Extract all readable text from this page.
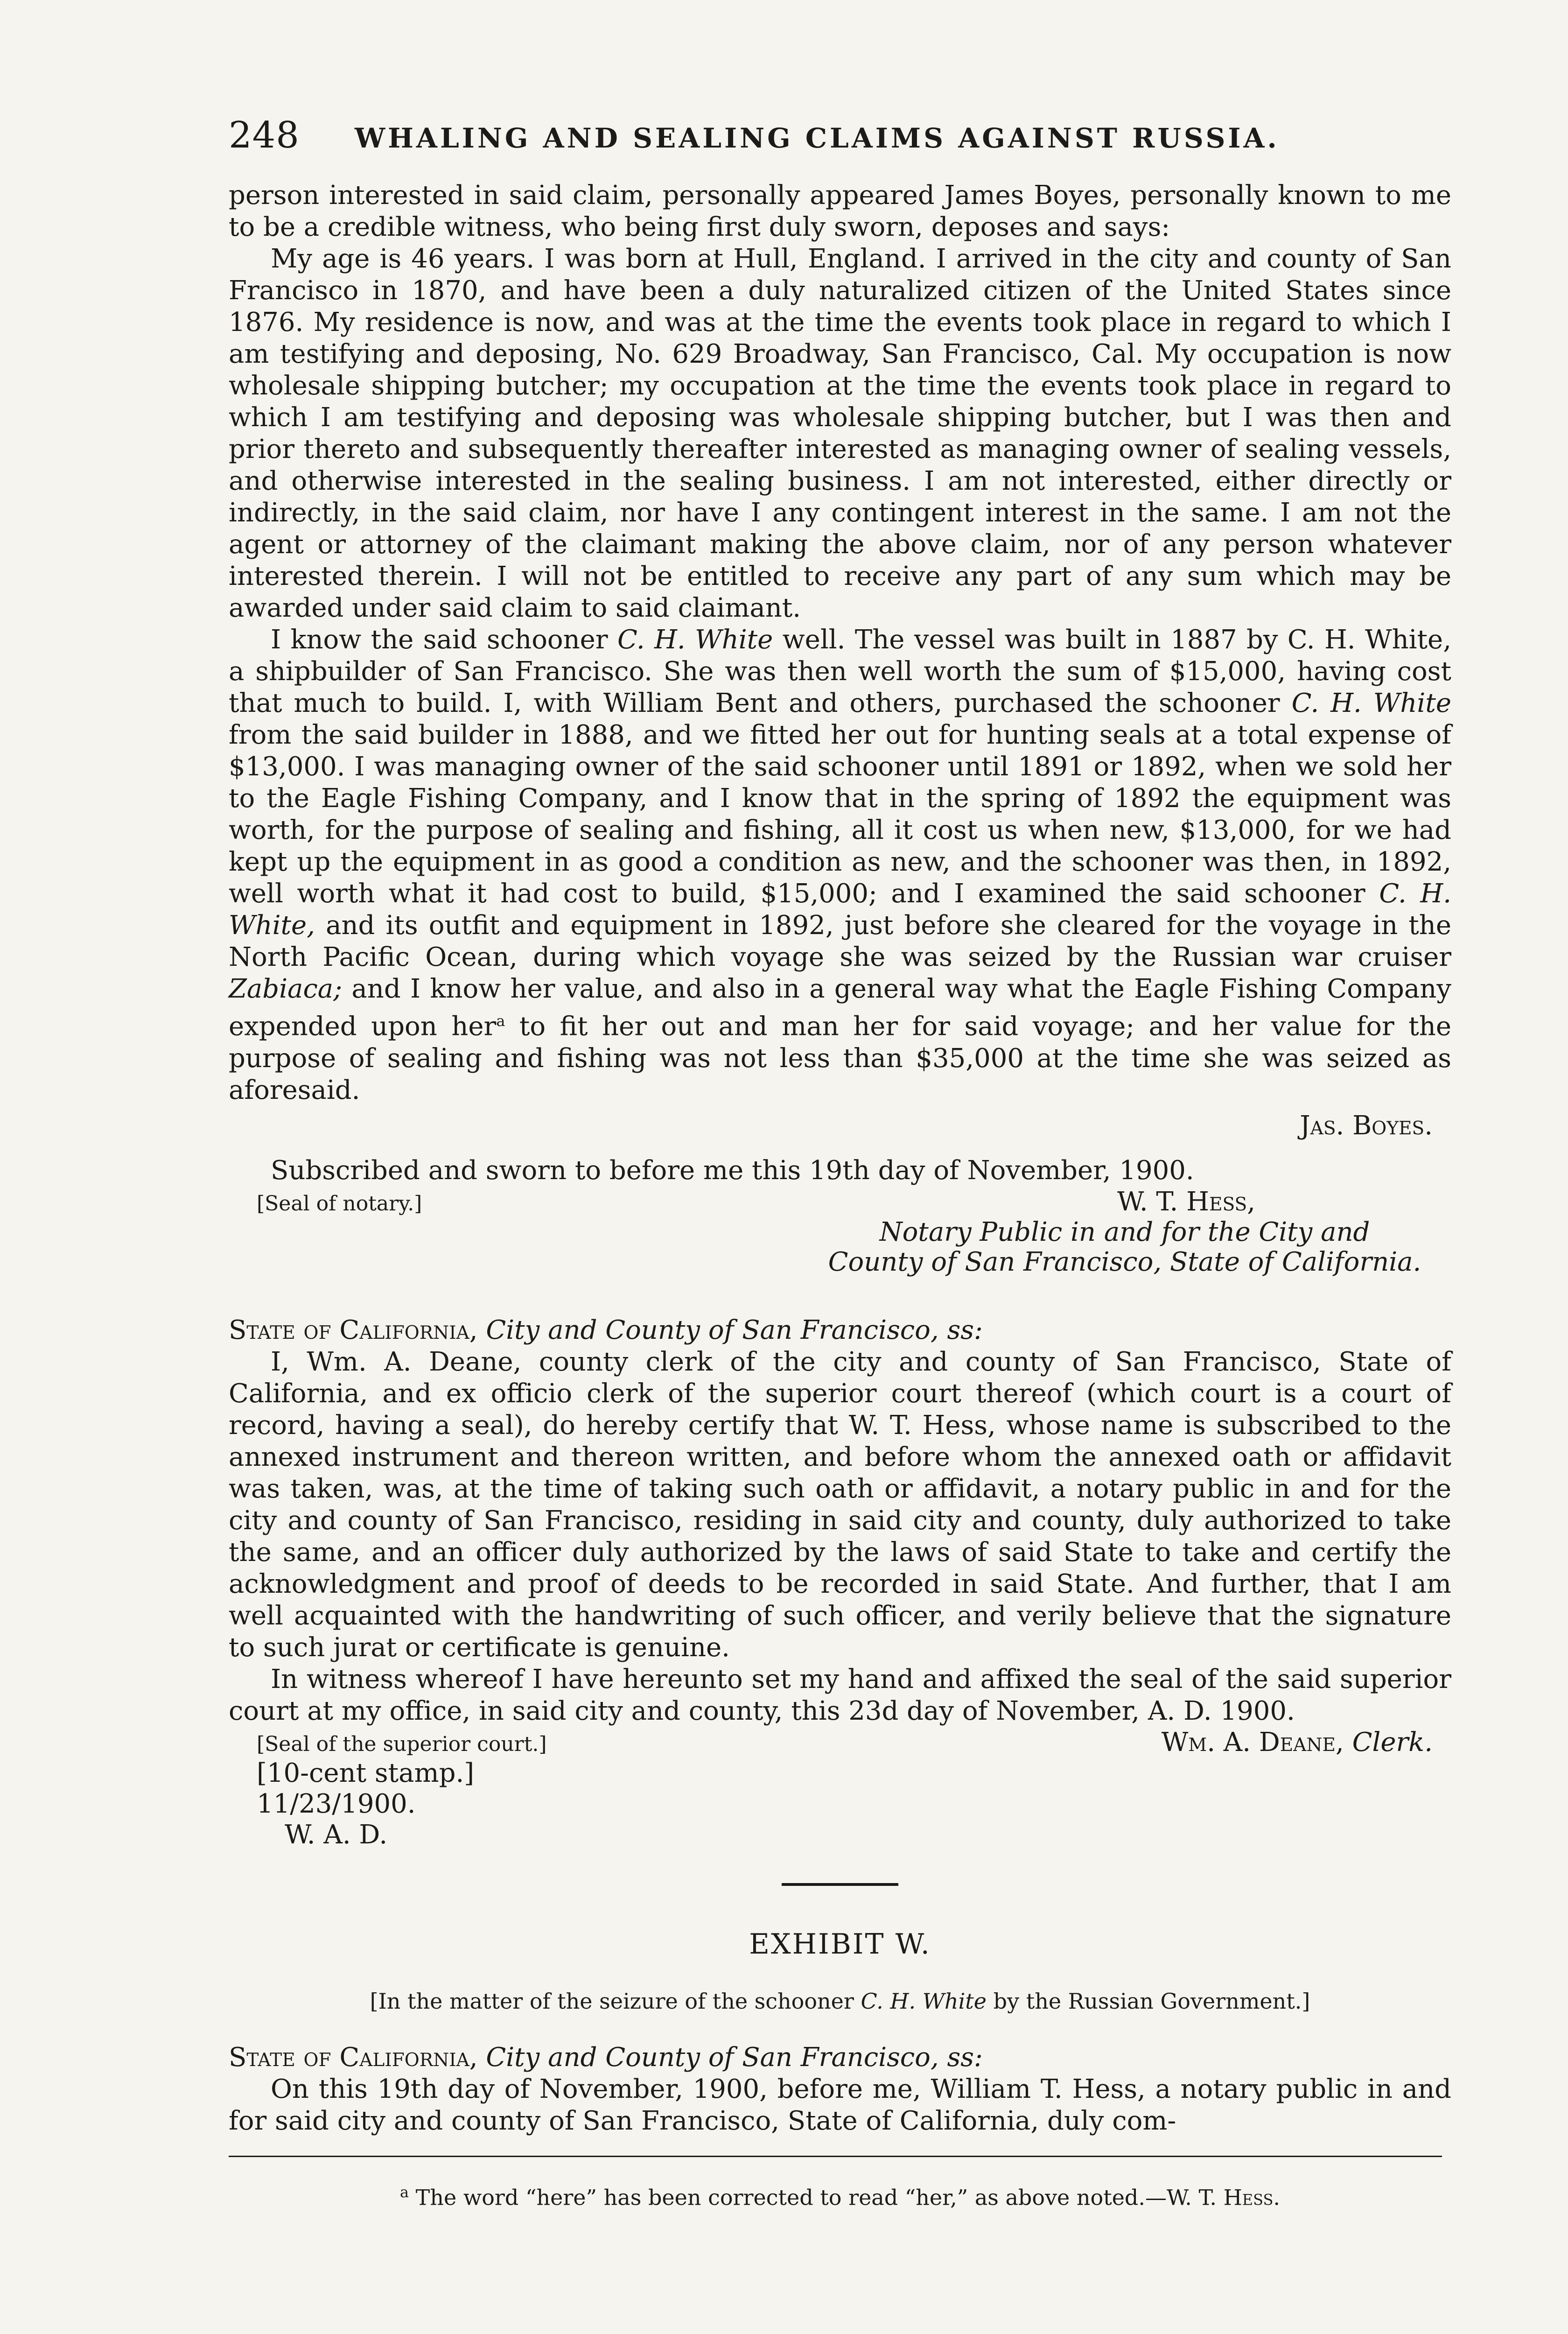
248	WHALING AND SEALING CLAIMS AGAINST RUSSIA.

person interested in said claim, personally appeared James Boyes, personally known to me to be a credible witness, who being first duly sworn, deposes and says:

My age is 46 years. I was born at Hull, England. I arrived in the city and county of San Francisco in 1870, and have been a duly naturalized citizen of the United States since 1876. My residence is now, and was at the time the events took place in regard to which I am testifying and deposing, No. 629 Broadway, San Francisco, Cal. My occupation is now wholesale shipping butcher; my occupation at the time the events took place in regard to which I am testifying and deposing was wholesale shipping butcher, but I was then and prior thereto and subsequently thereafter interested as managing owner of sealing vessels, and otherwise interested in the sealing business. I am not interested, either directly or indirectly, in the said claim, nor have I any contingent interest in the same. I am not the agent or attorney of the claimant making the above claim, nor of any person whatever interested therein. I will not be entitled to receive any part of any sum which may be awarded under said claim to said claimant.

I know the said schooner C. H. White well. The vessel was built in 1887 by C. H. White, a shipbuilder of San Francisco. She was then well worth the sum of $15,000, having cost that much to build. I, with William Bent and others, purchased the schooner C. H. White from the said builder in 1888, and we fitted her out for hunting seals at a total expense of $13,000. I was managing owner of the said schooner until 1891 or 1892, when we sold her to the Eagle Fishing Company, and I know that in the spring of 1892 the equipment was worth, for the purpose of sealing and fishing, all it cost us when new, $13,000, for we had kept up the equipment in as good a condition as new, and the schooner was then, in 1892, well worth what it had cost to build, $15,000; and I examined the said schooner C. H. White, and its outfit and equipment in 1892, just before she cleared for the voyage in the North Pacific Ocean, during which voyage she was seized by the Russian war cruiser Zabiaca; and I know her value, and also in a general way what the Eagle Fishing Company expended upon her$^a$ to fit her out and man her for said voyage; and her value for the purpose of sealing and fishing was not less than $35,000 at the time she was seized as aforesaid.

Jas. Boyes.

Subscribed and sworn to before me this 19th day of November, 1900.

[Seal of notary.]	W. T. Hess,
Notary Public in and for the City and
County of San Francisco, State of California.

State of California, City and County of San Francisco, ss:

I, Wm. A. Deane, county clerk of the city and county of San Francisco, State of California, and ex officio clerk of the superior court thereof (which court is a court of record, having a seal), do hereby certify that W. T. Hess, whose name is subscribed to the annexed instrument and thereon written, and before whom the annexed oath or affidavit was taken, was, at the time of taking such oath or affidavit, a notary public in and for the city and county of San Francisco, residing in said city and county, duly authorized to take the same, and an officer duly authorized by the laws of said State to take and certify the acknowledgment and proof of deeds to be recorded in said State. And further, that I am well acquainted with the handwriting of such officer, and verily believe that the signature to such jurat or certificate is genuine.

In witness whereof I have hereunto set my hand and affixed the seal of the said superior court at my office, in said city and county, this 23d day of November, A. D. 1900.

[Seal of the superior court.]	Wm. A. Deane, Clerk.
[10-cent stamp.]
11/23/1900.
W. A. D.

EXHIBIT W.

[In the matter of the seizure of the schooner C. H. White by the Russian Government.]

State of California, City and County of San Francisco, ss:

On this 19th day of November, 1900, before me, William T. Hess, a notary public in and for said city and county of San Francisco, State of California, duly com-

$^a$ The word “here” has been corrected to read “her,” as above noted.—W. T. Hess.
